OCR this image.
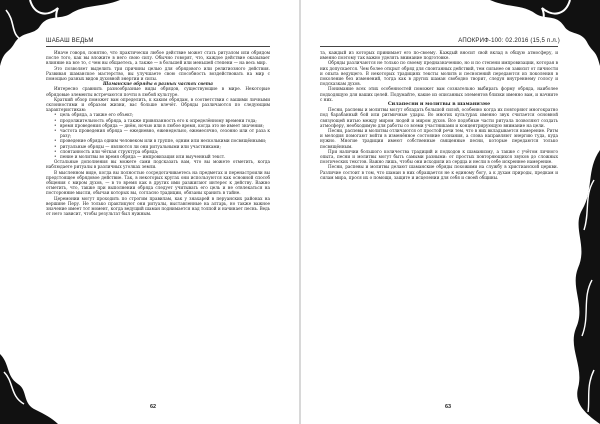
ШАБАШ ВЕДЬМ

Иначе говоря, понятно, что практически любое действие может стать ритуалом или обрядом после того, как вы вложите в него свою силу. Обычно говорят, что, каждое действие оказывает влияние на все то, с чем вы общаетесь, а также — в большей или меньшей степени — на весь мир.

Это позволяет выделить три причины целью для обрядового или религиозного действия. Развивая шаманское мастерство, вы улучшаете свою способность воздействовать на мир с помощью разных видов духовной энергии и силы.

Шаманские обряды в разных частях света

Интересно сравнить разнообразные виды обрядов, существующие в мире. Некоторые обрядовые элементы встречаются почти в любой культуре.

Краткий обзор поможет вам определить, к каким обрядам, в соответствии с вашими личными склонностями и образом жизни, вас больше влечёт. Обряды различаются по следующим характеристикам:

• цель обряда, а также его объект;
• продолжительность обряда, а также привязанность его к определённому времени года;
• время проведения обряда — днём, ночью или в любое время, когда это не имеет значения;
• частота проведения обряда — ежедневно, еженедельно, ежемесячно, сезонно или от раза к разу;
• проведение обряда одним человеком или в группе, одним или несколькими посвящёнными;
• ритуальные обряды — являются ли они ритуальными или участниками;
• спонтанность или чёткая структура обряда;
• пение и молитвы во время обряда — импровизация или выученный текст.

Остальные дополнения вы можете сами подсказать вам, что вы можете отметить, когда наблюдаете ритуалы в различных уголках земли.

В мысленном виде, когда вы полностью сосредотачиваетесь на предметах и перенастроили вы предстоящее обрядовое действие. Так, в некоторых кругах они используются как основной способ общения с миром духов, — в то время как в других ими разжигают интерес к действу. Важно отметить, что, также при выполнении обряда следует учитывать его цель и не отвлекаться на посторонние мысли, обычаи которых вы, согласно традиции, обязаны хранить в тайне.

Церемонии могут проходить по строгим правилам, как у знахарей в перуанских районах на вершине Перу. Не только практикуют они ритуалы, выставленные на алтарь, но также важное значение имеет тот момент, когда ведущий шаман поднимается над толпой и начинает песнь. Ведь от него зависит, чтобы результат был нужным.

62
АПОКРИФ-100: 02.2016 (15,5 п.л.)

та, каждый из которых принимает его по-своему. Каждый вносит свой вклад в общую атмосферу, и именно поэтому так важно уделять внимание подготовке.

Обряды различаются не только по своему предназначению, но и по степени импровизации, которая в них допускается. Чем более открыт обряд для спонтанных действий, тем сильнее он зависит от личности и опыта ведущего. В некоторых традициях тексты молитв и песнопений передаются из поколения в поколение без изменений, тогда как в других шаман свободно творит, следуя внутреннему голосу и подсказкам духов.

Понимание всех этих особенностей поможет вам сознательно выбирать форму обряда, наиболее подходящую для ваших целей. Подумайте, какие из описанных элементов близки именно вам, и начните с них.

Силапесни и молитвы в шаманизме

Песни, распевы и молитвы могут обладать большой силой, особенно когда их повторяют многократно под барабанный бой или ритмичные удары. Во многих культурах именно звук считается основной связующей нитью между миром людей и миром духов. Все подобные части ритуала позволяют создать атмосферу, необходимую для работы со всеми участниками и концентрирующую внимание на цели.

Песни, распевы и молитвы отличаются от простой речи тем, что в них вкладывается намерение. Ритм и мелодия помогают войти в изменённое состояние сознания, а слова направляют энергию туда, куда нужно. Многие традиции имеют собственные священные песни, которые передаются только посвящённым.

При наличии большого количества традиций и подходов к шаманизму, а также с учётом личного опыта, песни и молитвы могут быть самыми разными: от простых повторяющихся звуков до сложных поэтических текстов. Важно лишь, чтобы они исходили из сердца и несли в себе искреннее намерение.

Песни, распевы и молитвы делают шаманские обряды похожими на службу в христианской церкви. Различие состоит в том, что шаман в них обращается не к единому богу, а к духам природы, предкам и силам мира, прося их о помощи, защите и исцелении для себя и своей общины.

63
